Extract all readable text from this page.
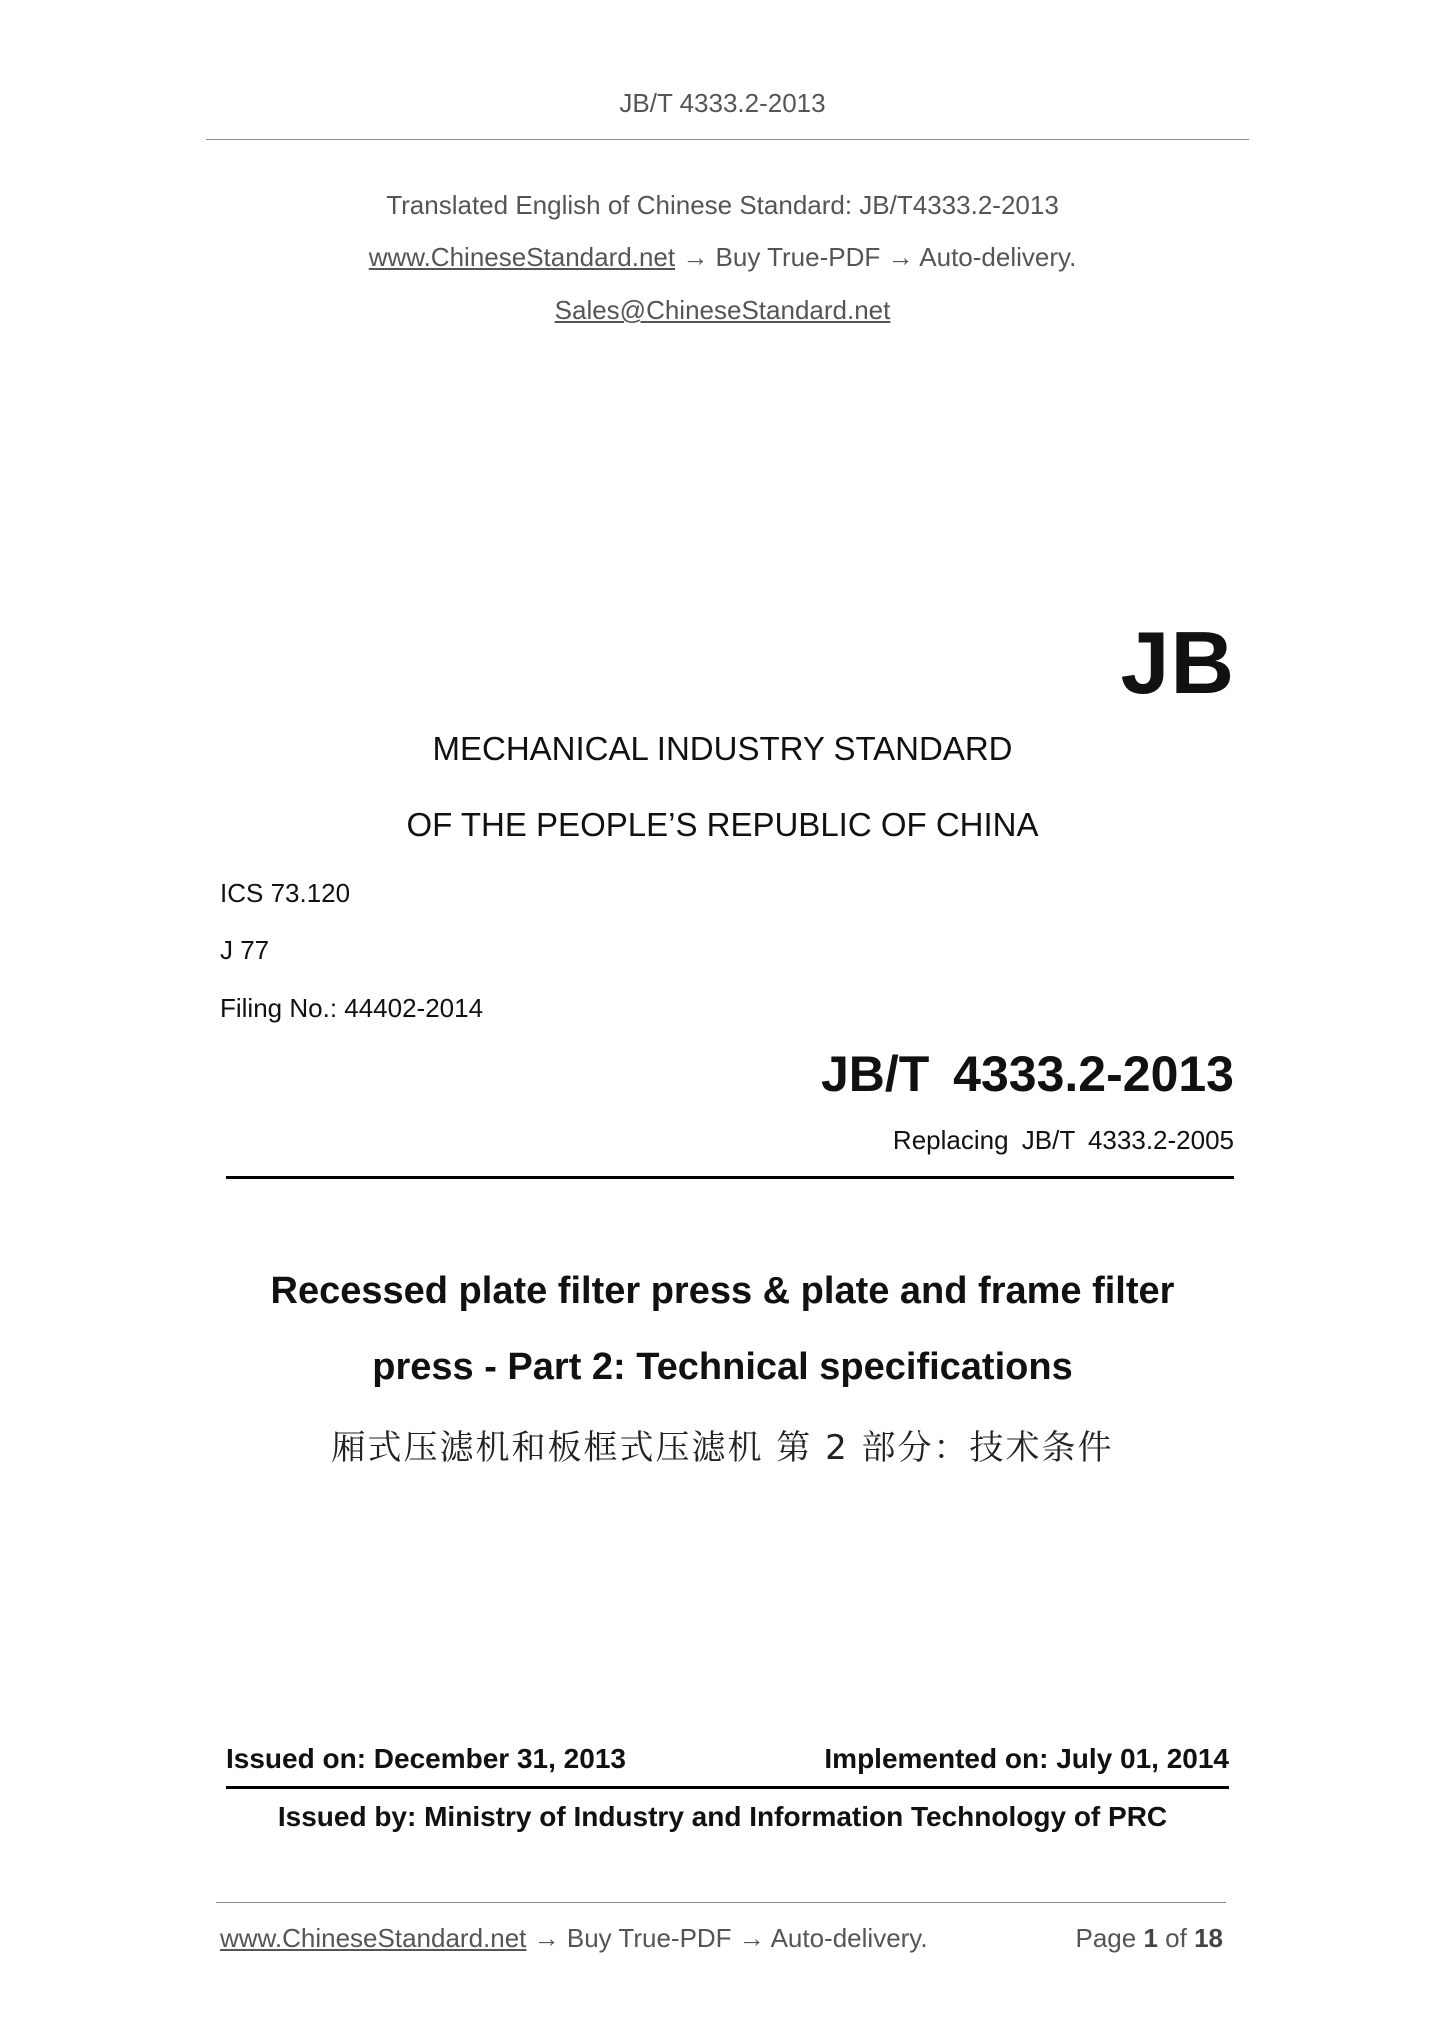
JB/T 4333.2-2013
Translated English of Chinese Standard: JB/T4333.2-2013
www.ChineseStandard.net → Buy True-PDF → Auto-delivery.
Sales@ChineseStandard.net
JB
MECHANICAL INDUSTRY STANDARD
OF THE PEOPLE’S REPUBLIC OF CHINA
ICS 73.120
J 77
Filing No.: 44402-2014
JB/T 4333.2-2013
Replacing JB/T 4333.2-2005
Recessed plate filter press & plate and frame filter
press - Part 2: Technical specifications
厢式压滤机和板框式压滤机 第 2 部分：技术条件
Issued on: December 31, 2013	Implemented on: July 01, 2014
Issued by: Ministry of Industry and Information Technology of PRC
www.ChineseStandard.net → Buy True-PDF → Auto-delivery.	Page 1 of 18
